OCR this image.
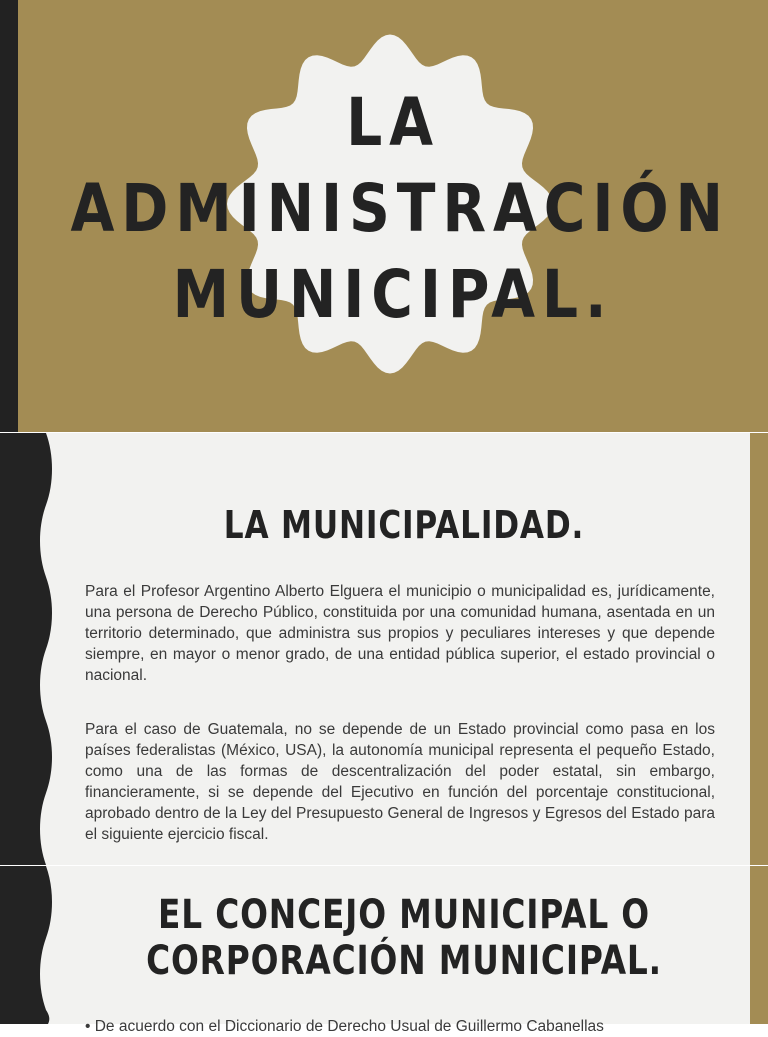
LA
ADMINISTRACIÓN
MUNICIPAL.
LA MUNICIPALIDAD.

Para el Profesor Argentino Alberto Elguera el municipio o municipalidad es, jurídicamente, una persona de Derecho Público, constituida por una comunidad humana, asentada en un territorio determinado, que administra sus propios y peculiares intereses y que depende siempre, en mayor o menor grado, de una entidad pública superior, el estado provincial o nacional.

Para el caso de Guatemala, no se depende de un Estado provincial como pasa en los países federalistas (México, USA), la autonomía municipal representa el pequeño Estado, como una de las formas de descentralización del poder estatal, sin embargo, financieramente, si se depende del Ejecutivo en función del porcentaje constitucional, aprobado dentro de la Ley del Presupuesto General de Ingresos y Egresos del Estado para el siguiente ejercicio fiscal.

EL CONCEJO MUNICIPAL O
CORPORACIÓN MUNICIPAL.

• De acuerdo con el Diccionario de Derecho Usual de Guillermo Cabanellas
